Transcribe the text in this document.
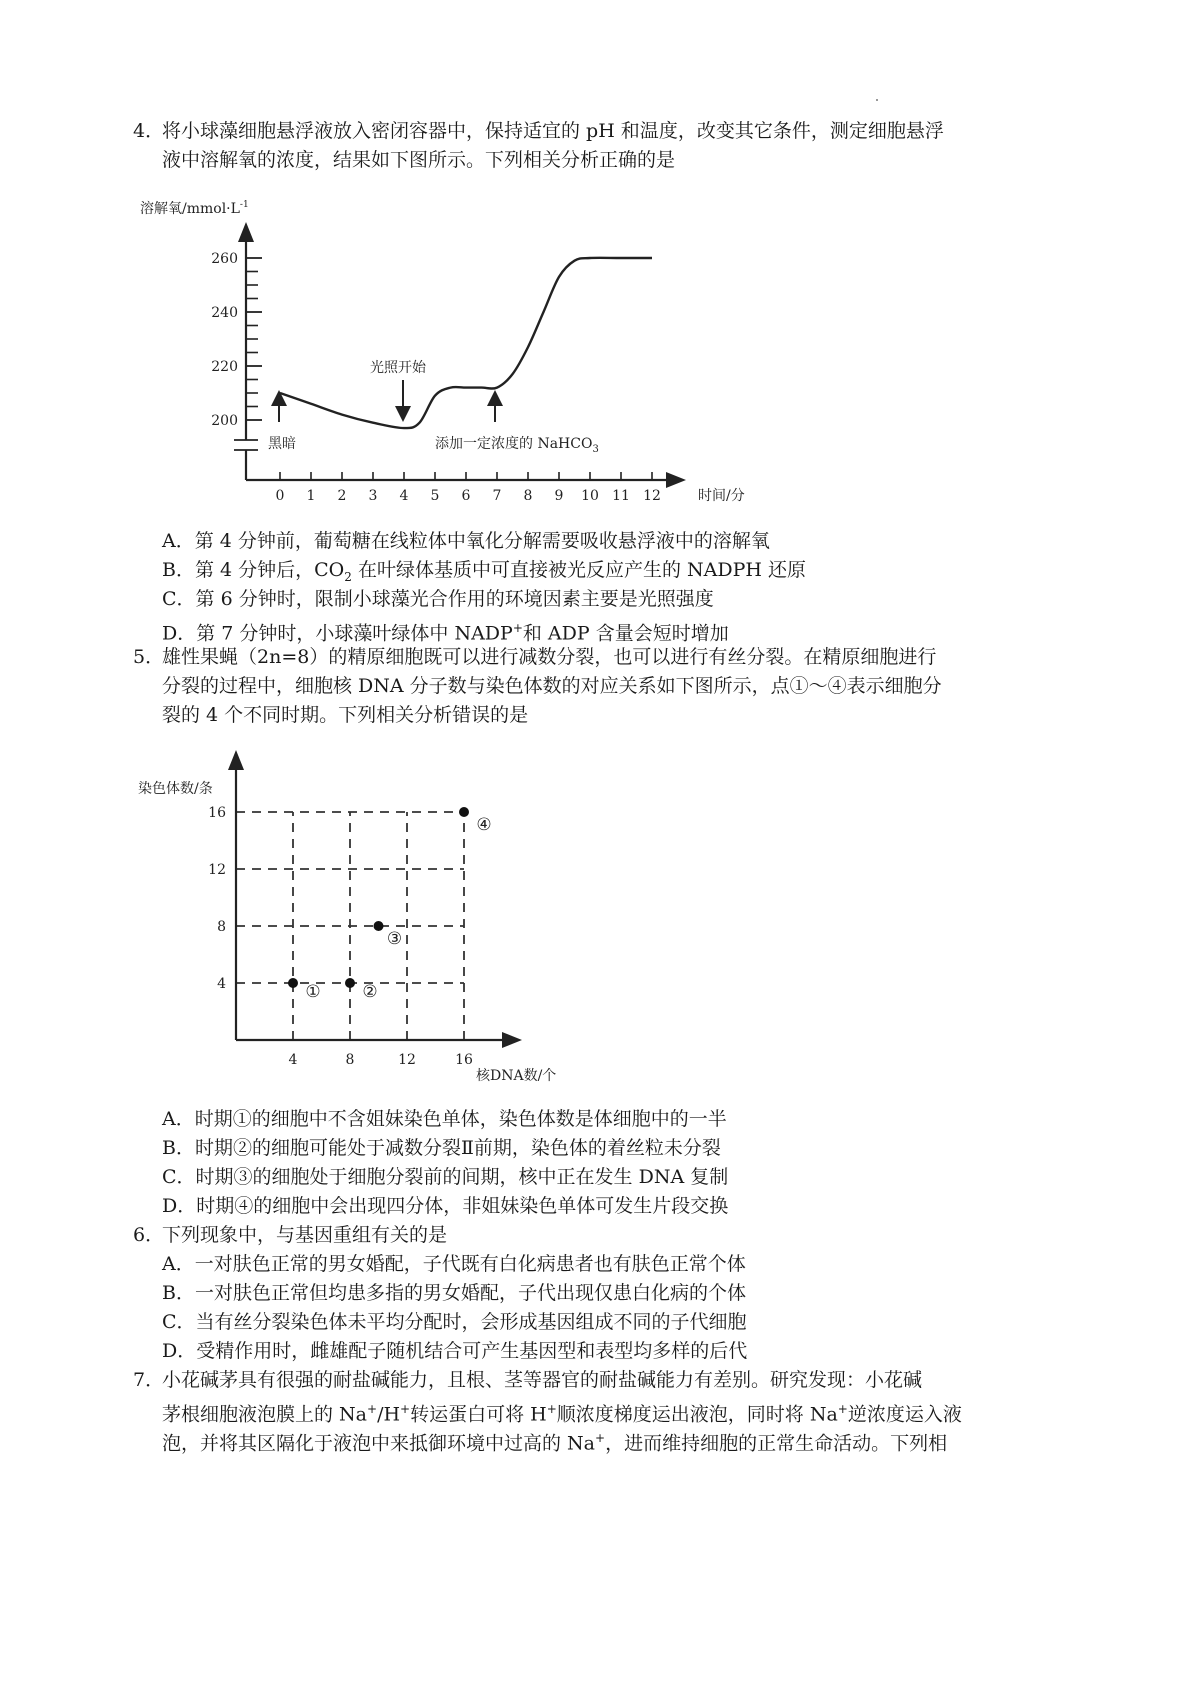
4．
将小球藻细胞悬浮液放入密闭容器中，保持适宜的 pH 和温度，改变其它条件，测定细胞悬浮
液中溶解氧的浓度，结果如下图所示。下列相关分析正确的是
溶解氧$/mmol\cdot L^{-1}$
200
220
240
260
0 1 2 3 4 5 6 7 8 9 10 11 12
黑暗
光照开始
添加一定浓度的 NaHCO$_3$
时间/分
A．第 4 分钟前，葡萄糖在线粒体中氧化分解需要吸收悬浮液中的溶解氧
B．第 4 分钟后，$CO_2$ 在叶绿体基质中可直接被光反应产生的 NADPH 还原
C．第 6 分钟时，限制小球藻光合作用的环境因素主要是光照强度
D．第 7 分钟时，小球藻叶绿体中 NADP+和 ADP 含量会短时增加
5．
雄性果蝇（2n=8）的精原细胞既可以进行减数分裂，也可以进行有丝分裂。在精原细胞进行
分裂的过程中，细胞核 DNA 分子数与染色体数的对应关系如下图所示，点①～④表示细胞分
裂的 4 个不同时期。下列相关分析错误的是
染色体数/条
4
8
12
16
4	8	12	16
① ②
③
④
核DNA数/个
A．时期①的细胞中不含姐妹染色单体，染色体数是体细胞中的一半
B．时期②的细胞可能处于减数分裂Ⅱ前期，染色体的着丝粒未分裂
C．时期③的细胞处于细胞分裂前的间期，核中正在发生 DNA 复制
D．时期④的细胞中会出现四分体，非姐妹染色单体可发生片段交换
6．
下列现象中，与基因重组有关的是
A．一对肤色正常的男女婚配，子代既有白化病患者也有肤色正常个体
B．一对肤色正常但均患多指的男女婚配，子代出现仅患白化病的个体
C．当有丝分裂染色体未平均分配时，会形成基因组成不同的子代细胞
D．受精作用时，雌雄配子随机结合可产生基因型和表型均多样的后代
7．
小花碱茅具有很强的耐盐碱能力，且根、茎等器官的耐盐碱能力有差别。研究发现：小花碱
茅根细胞液泡膜上的 Na+/H+转运蛋白可将 H+顺浓度梯度运出液泡，同时将 Na+逆浓度运入液
泡，并将其区隔化于液泡中来抵御环境中过高的 Na+，进而维持细胞的正常生命活动。下列相
